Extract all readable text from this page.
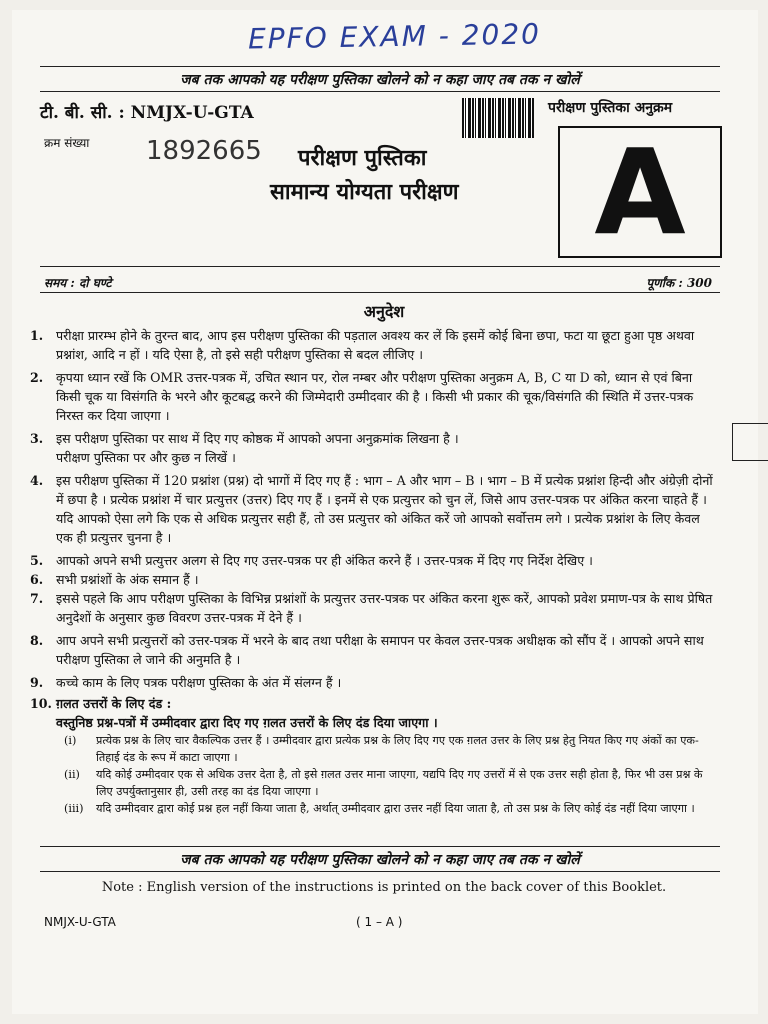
EPFO EXAM - 2020
जब तक आपको यह परीक्षण पुस्तिका खोलने को न कहा जाए तब तक न खोलें
टी. बी. सी. : NMJX-U-GTA	परीक्षण पुस्तिका अनुक्रम
क्रम संख्या 1892665 परीक्षण पुस्तिका
सामान्य योग्यता परीक्षण	A
समय : दो घण्टे	पूर्णांक : 300
अनुदेश
1. परीक्षा प्रारम्भ होने के तुरन्त बाद, आप इस परीक्षण पुस्तिका की पड़ताल अवश्य कर लें कि इसमें कोई बिना छपा, फटा या छूटा हुआ पृष्ठ अथवा प्रश्नांश, आदि न हों । यदि ऐसा है, तो इसे सही परीक्षण पुस्तिका से बदल लीजिए ।
2. कृपया ध्यान रखें कि OMR उत्तर-पत्रक में, उचित स्थान पर, रोल नम्बर और परीक्षण पुस्तिका अनुक्रम A, B, C या D को, ध्यान से एवं बिना किसी चूक या विसंगति के भरने और कूटबद्ध करने की जिम्मेदारी उम्मीदवार की है । किसी भी प्रकार की चूक/विसंगति की स्थिति में उत्तर-पत्रक निरस्त कर दिया जाएगा ।
3. इस परीक्षण पुस्तिका पर साथ में दिए गए कोष्ठक में आपको अपना अनुक्रमांक लिखना है । परीक्षण पुस्तिका पर और कुछ न लिखें ।
4. इस परीक्षण पुस्तिका में 120 प्रश्नांश (प्रश्न) दो भागों में दिए गए हैं : भाग – A और भाग – B । भाग – B में प्रत्येक प्रश्नांश हिन्दी और अंग्रेज़ी दोनों में छपा है । प्रत्येक प्रश्नांश में चार प्रत्युत्तर (उत्तर) दिए गए हैं । इनमें से एक प्रत्युत्तर को चुन लें, जिसे आप उत्तर-पत्रक पर अंकित करना चाहते हैं । यदि आपको ऐसा लगे कि एक से अधिक प्रत्युत्तर सही हैं, तो उस प्रत्युत्तर को अंकित करें जो आपको सर्वोत्तम लगे । प्रत्येक प्रश्नांश के लिए केवल एक ही प्रत्युत्तर चुनना है ।
5. आपको अपने सभी प्रत्युत्तर अलग से दिए गए उत्तर-पत्रक पर ही अंकित करने हैं । उत्तर-पत्रक में दिए गए निर्देश देखिए ।
6. सभी प्रश्नांशों के अंक समान हैं ।
7. इससे पहले कि आप परीक्षण पुस्तिका के विभिन्न प्रश्नांशों के प्रत्युत्तर उत्तर-पत्रक पर अंकित करना शुरू करें, आपको प्रवेश प्रमाण-पत्र के साथ प्रेषित अनुदेशों के अनुसार कुछ विवरण उत्तर-पत्रक में देने हैं ।
8. आप अपने सभी प्रत्युत्तरों को उत्तर-पत्रक में भरने के बाद तथा परीक्षा के समापन पर केवल उत्तर-पत्रक अधीक्षक को सौंप दें । आपको अपने साथ परीक्षण पुस्तिका ले जाने की अनुमति है ।
9. कच्चे काम के लिए पत्रक परीक्षण पुस्तिका के अंत में संलग्न हैं ।
10. ग़लत उत्तरों के लिए दंड :
वस्तुनिष्ठ प्रश्न-पत्रों में उम्मीदवार द्वारा दिए गए ग़लत उत्तरों के लिए दंड दिया जाएगा ।
(i) प्रत्येक प्रश्न के लिए चार वैकल्पिक उत्तर हैं । उम्मीदवार द्वारा प्रत्येक प्रश्न के लिए दिए गए एक ग़लत उत्तर के लिए प्रश्न हेतु नियत किए गए अंकों का एक-तिहाई दंड के रूप में काटा जाएगा ।
(ii) यदि कोई उम्मीदवार एक से अधिक उत्तर देता है, तो इसे ग़लत उत्तर माना जाएगा, यद्यपि दिए गए उत्तरों में से एक उत्तर सही होता है, फिर भी उस प्रश्न के लिए उपर्युक्तानुसार ही, उसी तरह का दंड दिया जाएगा ।
(iii) यदि उम्मीदवार द्वारा कोई प्रश्न हल नहीं किया जाता है, अर्थात् उम्मीदवार द्वारा उत्तर नहीं दिया जाता है, तो उस प्रश्न के लिए कोई दंड नहीं दिया जाएगा ।
जब तक आपको यह परीक्षण पुस्तिका खोलने को न कहा जाए तब तक न खोलें
Note : English version of the instructions is printed on the back cover of this Booklet.
NMJX-U-GTA	( 1 – A )
